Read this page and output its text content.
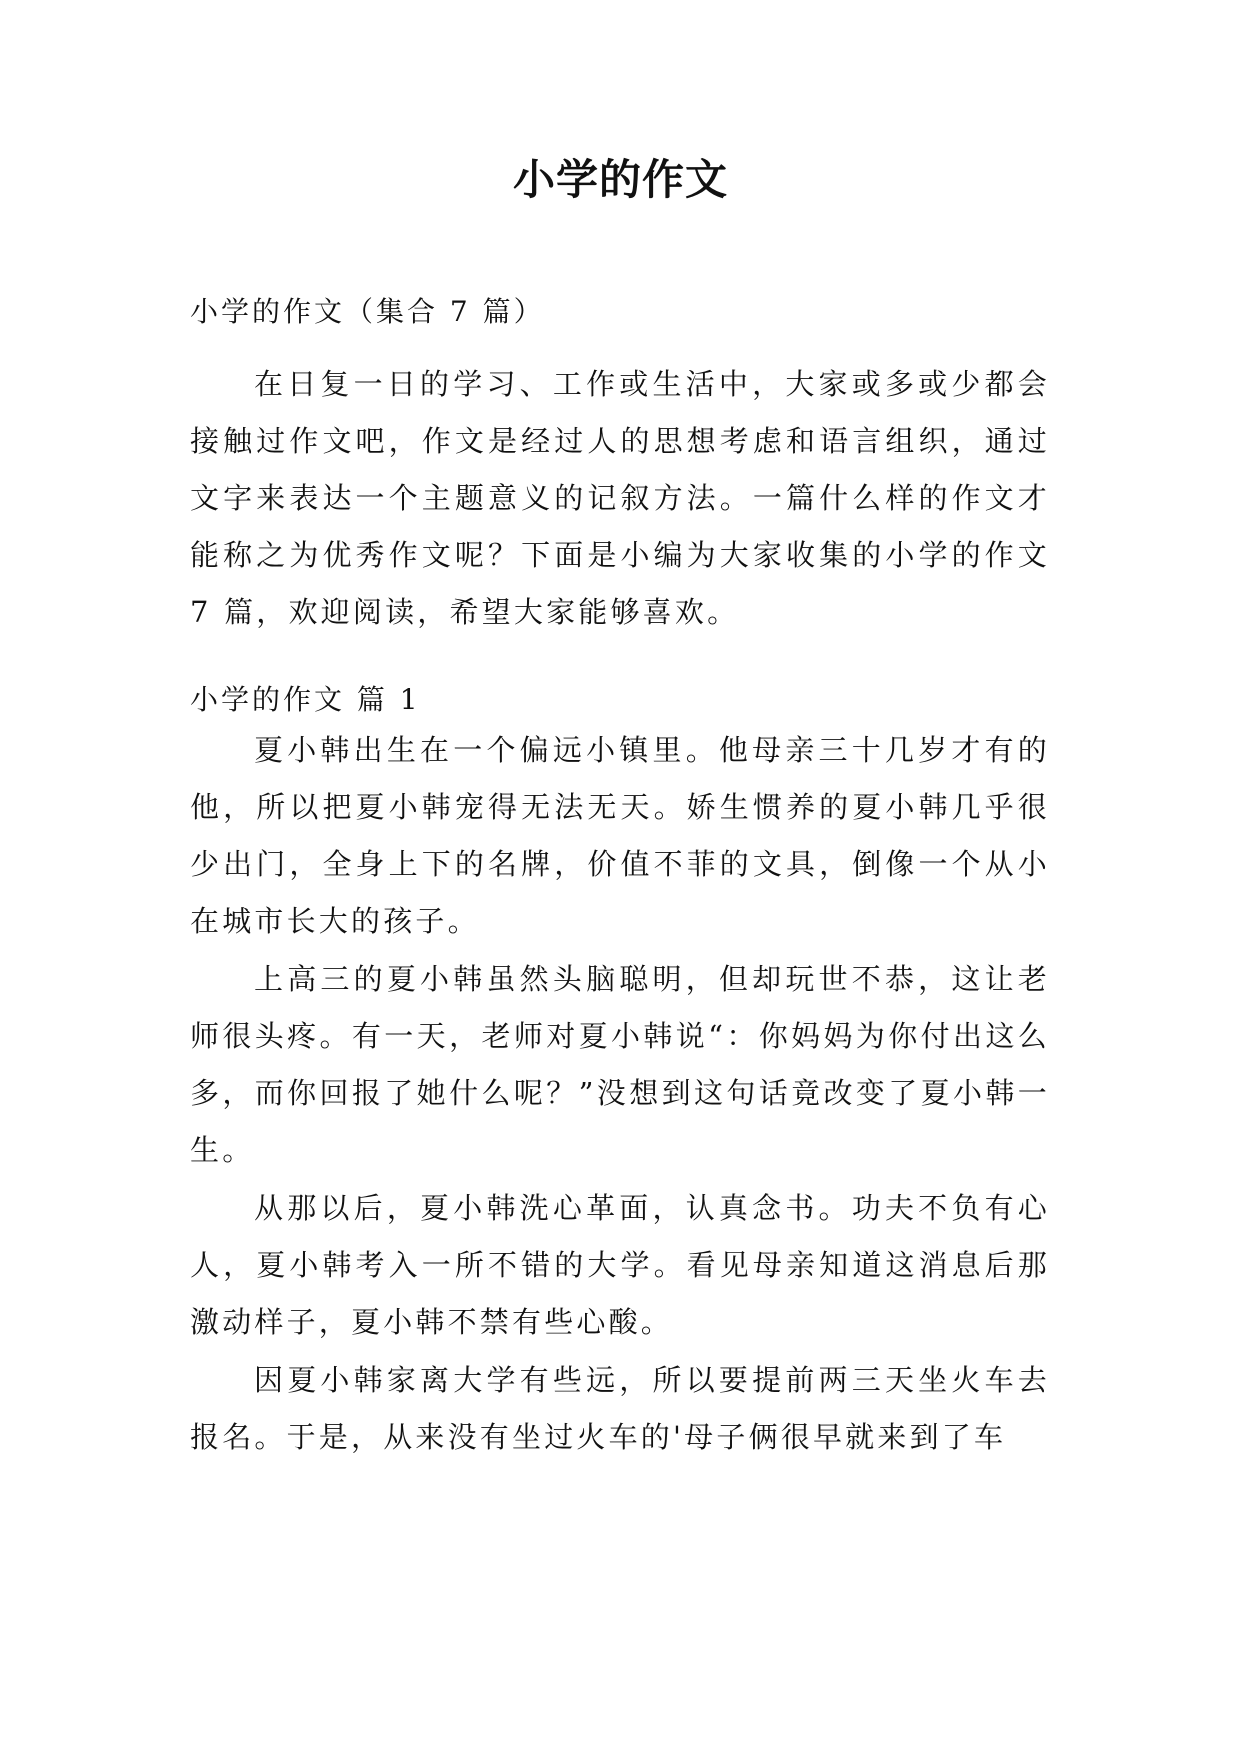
小学的作文
小学的作文（集合 7 篇）

在日复一日的学习、工作或生活中，大家或多或少都会接触过作文吧，作文是经过人的思想考虑和语言组织，通过文字来表达一个主题意义的记叙方法。一篇什么样的作文才能称之为优秀作文呢？下面是小编为大家收集的小学的作文 7 篇，欢迎阅读，希望大家能够喜欢。

小学的作文 篇 1

夏小韩出生在一个偏远小镇里。他母亲三十几岁才有的他，所以把夏小韩宠得无法无天。娇生惯养的夏小韩几乎很少出门，全身上下的名牌，价值不菲的文具，倒像一个从小在城市长大的孩子。

上高三的夏小韩虽然头脑聪明，但却玩世不恭，这让老师很头疼。有一天，老师对夏小韩说“：你妈妈为你付出这么多，而你回报了她什么呢？”没想到这句话竟改变了夏小韩一生。

从那以后，夏小韩洗心革面，认真念书。功夫不负有心人，夏小韩考入一所不错的大学。看见母亲知道这消息后那激动样子，夏小韩不禁有些心酸。

因夏小韩家离大学有些远，所以要提前两三天坐火车去报名。于是，从来没有坐过火车的'母子俩很早就来到了车
